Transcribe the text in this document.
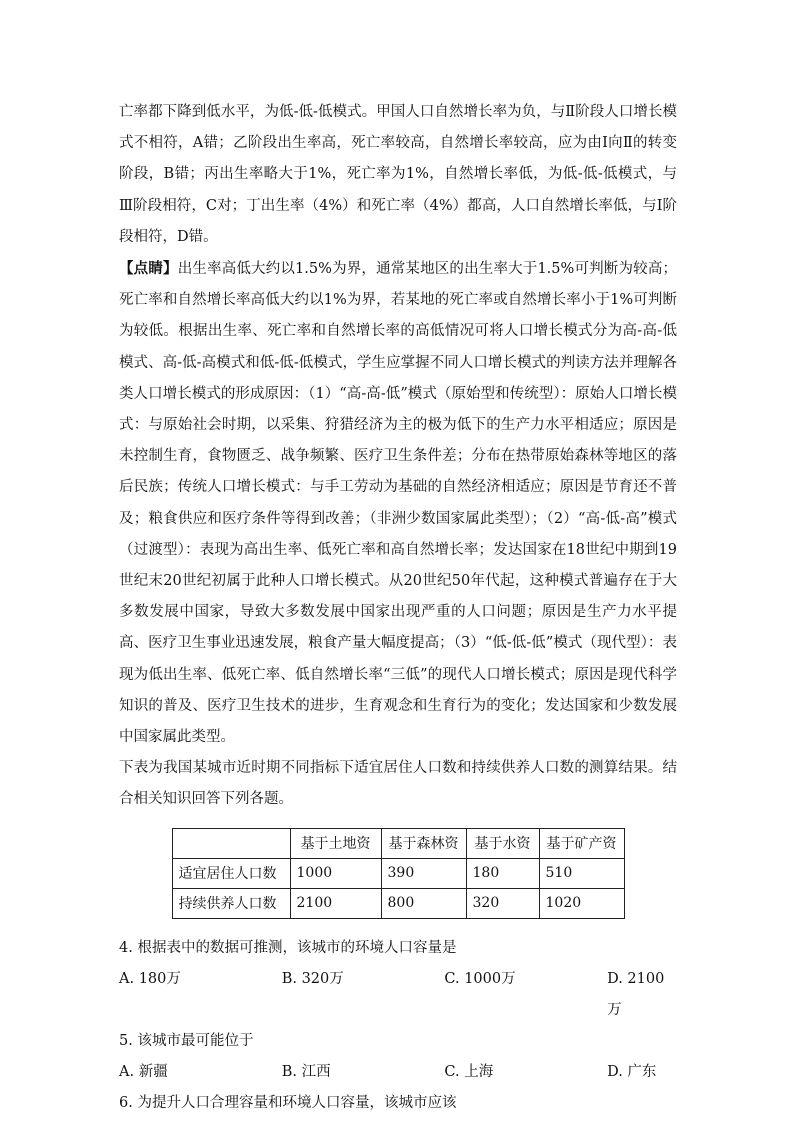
亡率都下降到低水平，为低-低-低模式。甲国人口自然增长率为负，与Ⅱ阶段人口增长模式不相符，A错；乙阶段出生率高，死亡率较高，自然增长率较高，应为由Ⅰ向Ⅱ的转变阶段，B错；丙出生率略大于1%，死亡率为1%，自然增长率低，为低-低-低模式，与Ⅲ阶段相符，C对；丁出生率（4%）和死亡率（4%）都高，人口自然增长率低，与Ⅰ阶段相符，D错。

【点睛】出生率高低大约以1.5%为界，通常某地区的出生率大于1.5%可判断为较高；死亡率和自然增长率高低大约以1%为界，若某地的死亡率或自然增长率小于1%可判断为较低。根据出生率、死亡率和自然增长率的高低情况可将人口增长模式分为高-高-低模式、高-低-高模式和低-低-低模式，学生应掌握不同人口增长模式的判读方法并理解各类人口增长模式的形成原因：（1）“高-高-低”模式（原始型和传统型）：原始人口增长模式：与原始社会时期，以采集、狩猎经济为主的极为低下的生产力水平相适应；原因是未控制生育，食物匮乏、战争频繁、医疗卫生条件差；分布在热带原始森林等地区的落后民族；传统人口增长模式：与手工劳动为基础的自然经济相适应；原因是节育还不普及；粮食供应和医疗条件等得到改善；（非洲少数国家属此类型）；（2）“高-低-高”模式（过渡型）：表现为高出生率、低死亡率和高自然增长率；发达国家在18世纪中期到19世纪末20世纪初属于此种人口增长模式。从20世纪50年代起，这种模式普遍存在于大多数发展中国家，导致大多数发展中国家出现严重的人口问题；原因是生产力水平提高、医疗卫生事业迅速发展，粮食产量大幅度提高；（3）“低-低-低”模式（现代型）：表现为低出生率、低死亡率、低自然增长率“三低”的现代人口增长模式；原因是现代科学知识的普及、医疗卫生技术的进步，生育观念和生育行为的变化；发达国家和少数发展中国家属此类型。

下表为我国某城市近时期不同指标下适宜居住人口数和持续供养人口数的测算结果。结合相关知识回答下列各题。

	基于土地资	基于森林资	基于水资	基于矿产资
适宜居住人口数	1000	390	180	510
持续供养人口数	2100	800	320	1020

4. 根据表中的数据可推测，该城市的环境人口容量是

A. 180万	B. 320万	C. 1000万	D. 2100万

5. 该城市最可能位于

A. 新疆	B. 江西	C. 上海	D. 广东

6. 为提升人口合理容量和环境人口容量，该城市应该
